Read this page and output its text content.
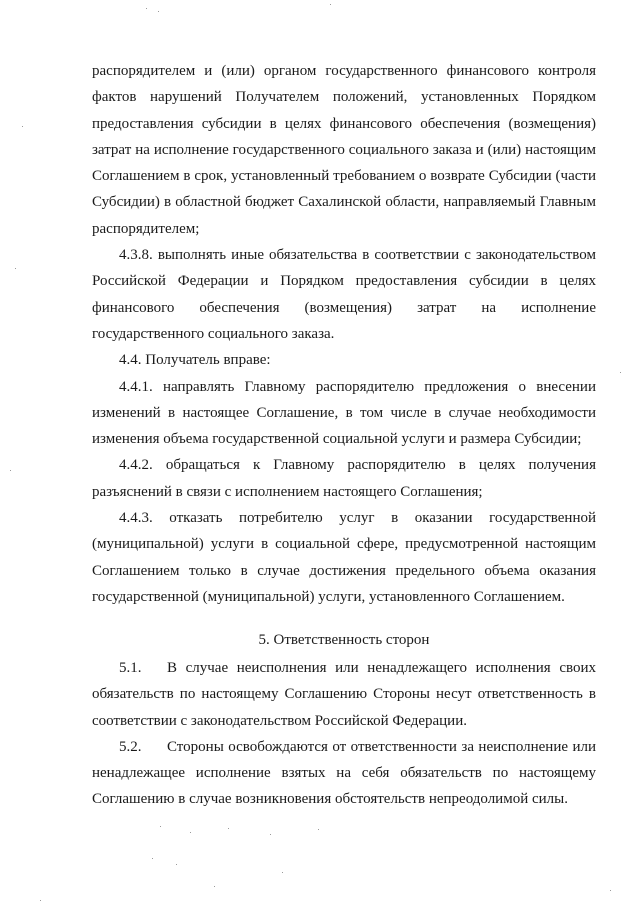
распорядителем и (или) органом государственного финансового контроля фактов нарушений Получателем положений, установленных Порядком предоставления субсидии в целях финансового обеспечения (возмещения) затрат на исполнение государственного социального заказа и (или) настоящим Соглашением в срок, установленный требованием о возврате Субсидии (части Субсидии) в областной бюджет Сахалинской области, направляемый Главным распорядителем;

4.3.8. выполнять иные обязательства в соответствии с законодательством Российской Федерации и Порядком предоставления субсидии в целях финансового обеспечения (возмещения) затрат на исполнение государственного социального заказа.

4.4. Получатель вправе:

4.4.1. направлять Главному распорядителю предложения о внесении изменений в настоящее Соглашение, в том числе в случае необходимости изменения объема государственной социальной услуги и размера Субсидии;

4.4.2. обращаться к Главному распорядителю в целях получения разъяснений в связи с исполнением настоящего Соглашения;

4.4.3. отказать потребителю услуг в оказании государственной (муниципальной) услуги в социальной сфере, предусмотренной настоящим Соглашением только в случае достижения предельного объема оказания государственной (муниципальной) услуги, установленного Соглашением.

5. Ответственность сторон

5.1. В случае неисполнения или ненадлежащего исполнения своих обязательств по настоящему Соглашению Стороны несут ответственность в соответствии с законодательством Российской Федерации.

5.2. Стороны освобождаются от ответственности за неисполнение или ненадлежащее исполнение взятых на себя обязательств по настоящему Соглашению в случае возникновения обстоятельств непреодолимой силы.
